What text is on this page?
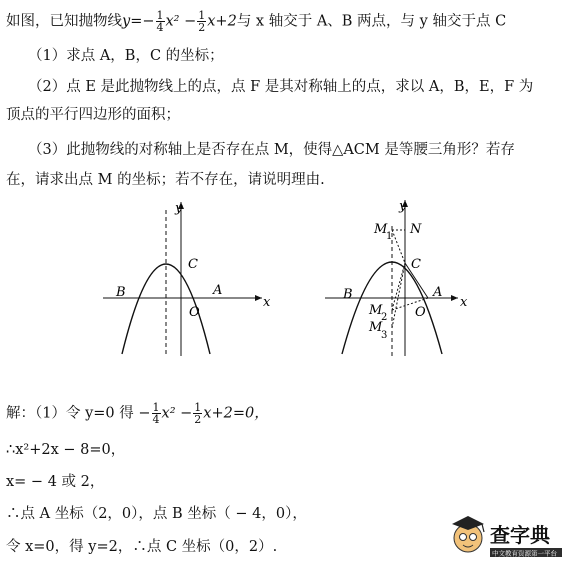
如图，已知抛物线$y=- \frac{1}{4} x^2 - \frac{1}{2} x+2$与 x 轴交于 A、B 两点，与 y 轴交于点 C
（1）求点 A，B，C 的坐标；
（2）点 E 是此抛物线上的点，点 F 是其对称轴上的点，求以 A，B，E，F 为
顶点的平行四边形的面积；
（3）此抛物线的对称轴上是否存在点 M，使得△ACM 是等腰三角形？若存
在，请求出点 M 的坐标；若不存在，请说明理由.
y
x
C
B	A
O
y
x
M
1 N
C
B	A
O
M
2
M
3
解：（1）令 y=0 得 − $\frac{1}{4} x^2 - \frac{1}{2} x+2=0$，
∴x²+2x − 8=0，
x= − 4 或 2，
∴点 A 坐标（2，0），点 B 坐标（ − 4，0），
令 x=0，得 y=2，∴点 C 坐标（0，2）.	查字典
中文教育资源第一平台
